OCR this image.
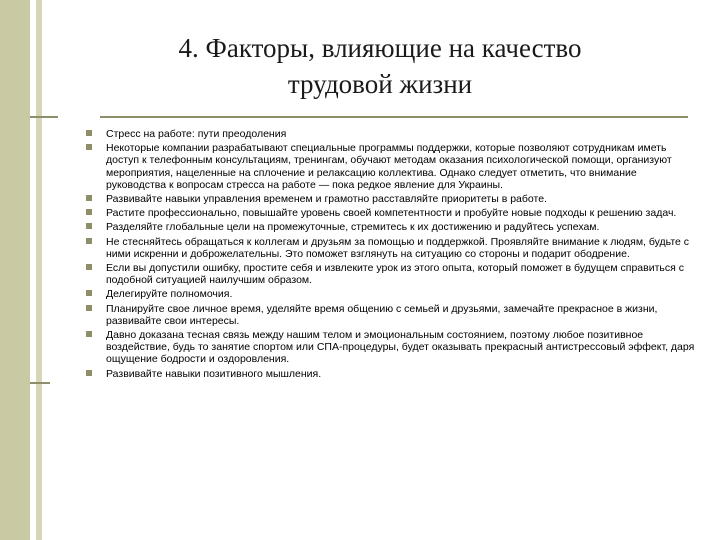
4. Факторы, влияющие на качество
трудовой жизни
Стресс на работе: пути преодоления
Некоторые компании разрабатывают специальные программы поддержки, которые позволяют сотрудникам иметь доступ к телефонным консультациям, тренингам, обучают методам оказания психологической помощи, организуют мероприятия, нацеленные на сплочение и релаксацию коллектива. Однако следует отметить, что внимание руководства к вопросам стресса на работе — пока редкое явление для Украины.
Развивайте навыки управления временем и грамотно расставляйте приоритеты в работе.
Растите профессионально, повышайте уровень своей компетентности и пробуйте новые подходы к решению задач.
Разделяйте глобальные цели на промежуточные, стремитесь к их достижению и радуйтесь успехам.
Не стесняйтесь обращаться к коллегам и друзьям за помощью и поддержкой. Проявляйте внимание к людям, будьте с ними искренни и доброжелательны. Это поможет взглянуть на ситуацию со стороны и подарит ободрение.
Если вы допустили ошибку, простите себя и извлеките урок из этого опыта, который поможет в будущем справиться с подобной ситуацией наилучшим образом.
Делегируйте полномочия.
Планируйте свое личное время, уделяйте время общению с семьей и друзьями, замечайте прекрасное в жизни, развивайте свои интересы.
Давно доказана тесная связь между нашим телом и эмоциональным состоянием, поэтому любое позитивное воздействие, будь то занятие спортом или СПА-процедуры, будет оказывать прекрасный антистрессовый эффект, даря ощущение бодрости и оздоровления.
Развивайте навыки позитивного мышления.
